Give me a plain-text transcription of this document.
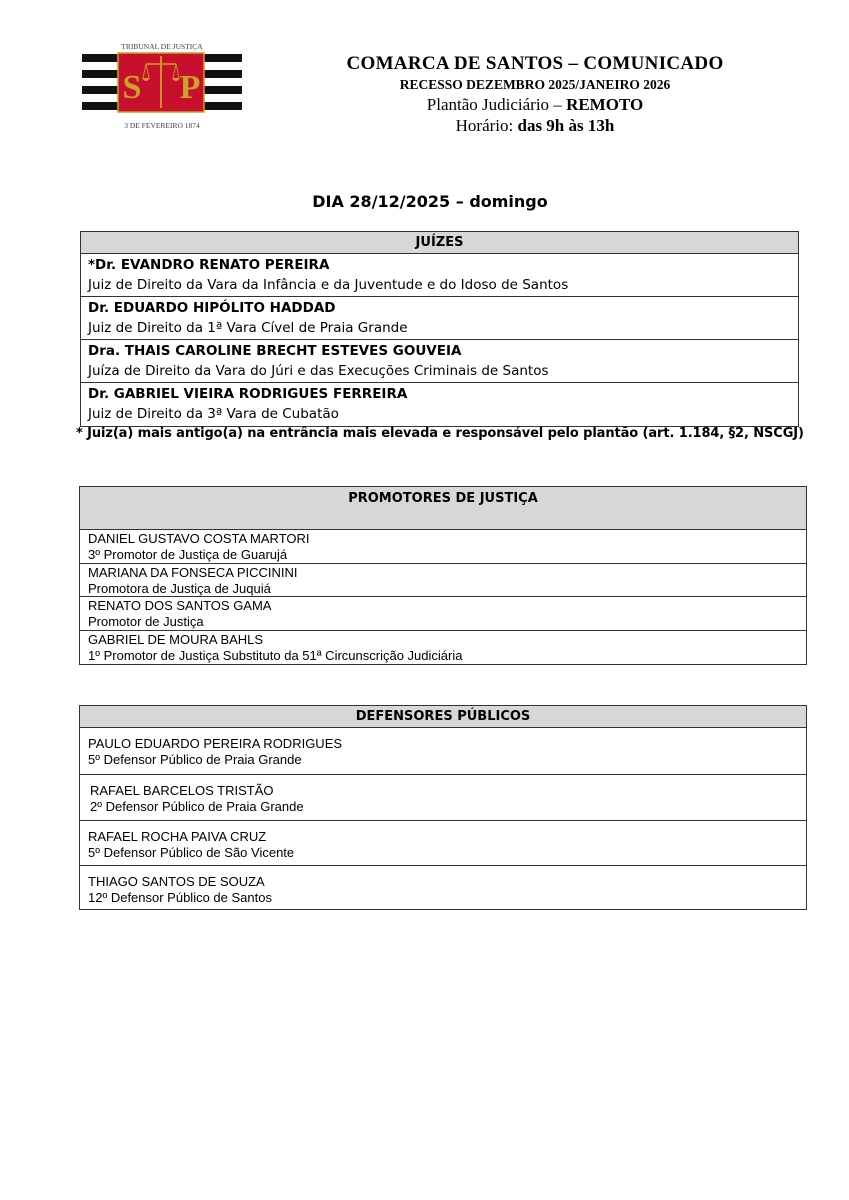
S P
TRIBUNAL DE JUSTIÇA
3 DE FEVEREIRO 1874
COMARCA DE SANTOS – COMUNICADO
RECESSO DEZEMBRO 2025/JANEIRO 2026
Plantão Judiciário – REMOTO
Horário: das 9h às 13h
DIA 28/12/2025 – domingo
JUÍZES
*Dr. EVANDRO RENATO PEREIRA
Juiz de Direito da Vara da Infância e da Juventude e do Idoso de Santos
Dr. EDUARDO HIPÓLITO HADDAD
Juiz de Direito da 1ª Vara Cível de Praia Grande
Dra. THAIS CAROLINE BRECHT ESTEVES GOUVEIA
Juíza de Direito da Vara do Júri e das Execuções Criminais de Santos
Dr. GABRIEL VIEIRA RODRIGUES FERREIRA
Juiz de Direito da 3ª Vara de Cubatão
* Juiz(a) mais antigo(a) na entrância mais elevada e responsável pelo plantão (art. 1.184, §2, NSCGJ)
PROMOTORES DE JUSTIÇA
DANIEL GUSTAVO COSTA MARTORI
3º Promotor de Justiça de Guarujá
MARIANA DA FONSECA PICCININI
Promotora de Justiça de Juquiá
RENATO DOS SANTOS GAMA
Promotor de Justiça
GABRIEL DE MOURA BAHLS
1º Promotor de Justiça Substituto da 51ª Circunscrição Judiciária
DEFENSORES PÚBLICOS
PAULO EDUARDO PEREIRA RODRIGUES
5º Defensor Público de Praia Grande
RAFAEL BARCELOS TRISTÃO
2º Defensor Público de Praia Grande
RAFAEL ROCHA PAIVA CRUZ
5º Defensor Público de São Vicente
THIAGO SANTOS DE SOUZA
12º Defensor Público de Santos
